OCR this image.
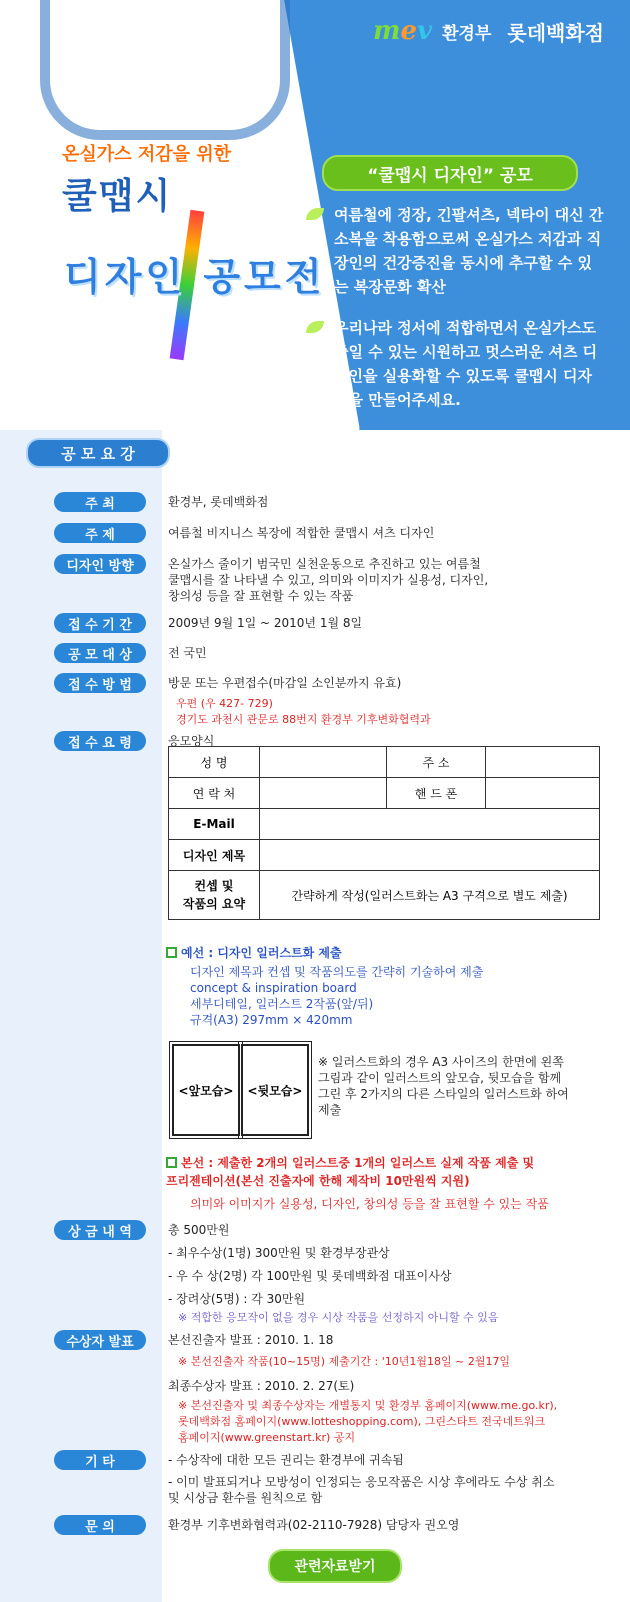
mev 환경부 롯데백화점
온실가스 저감을 위한
쿨맵시
디자인 공모전
“쿨맵시 디자인” 공모

여름철에 정장, 긴팔셔츠, 넥타이 대신 간소복을 착용함으로써 온실가스 저감과 직장인의 건강증진을 동시에 추구할 수 있는 복장문화 확산

우리나라 정서에 적합하면서 온실가스도 줄일 수 있는 시원하고 멋스러운 셔츠 디자인을 실용화할 수 있도록 쿨맵시 디자인을 만들어주세요.

공 모 요 강
주 최	환경부, 롯데백화점
주 제	여름철 비지니스 복장에 적합한 쿨맵시 셔츠 디자인
디자인 방향	온실가스 줄이기 범국민 실천운동으로 추진하고 있는 여름철
쿨맵시를 잘 나타낼 수 있고, 의미와 이미지가 실용성, 디자인,
창의성 등을 잘 표현할 수 있는 작품
접 수 기 간	2009년 9월 1일 ~ 2010년 1월 8일
공 모 대 상	전 국민
접 수 방 법	방문 또는 우편접수(마감일 소인분까지 유효)
우편 (우 427- 729)
경기도 과천시 관문로 88번지 환경부 기후변화협력과
접 수 요 령	응모양식
성 명		주 소	
연 락 처		핸 드 폰	
E-Mail			
디자인 제목			
컨셉 및
작품의 요약	간략하게 작성(일러스트화는 A3 구격으로 별도 제출)		
예선 : 디자인 일러스트화 제출
디자인 제목과 컨셉 및 작품의도를 간략히 기술하여 제출
concept & inspiration board
세부디테일, 일러스트 2작품(앞/뒤)
규격(A3) 297mm × 420mm
<앞모습>	<뒷모습>
※ 일러스트화의 경우 A3 사이즈의 한면에 왼쪽
그림과 같이 일러스트의 앞모습, 뒷모습을 함께
그린 후 2가지의 다른 스타일의 일러스트화 하여
제출
본선 : 제출한 2개의 일러스트중 1개의 일러스트 실제 작품 제출 및
프리젠테이션(본선 진출자에 한해 제작비 10만원씩 지원)
의미와 이미지가 실용성, 디자인, 창의성 등을 잘 표현할 수 있는 작품
상 금 내 역	총 500만원
- 최우수상(1명) 300만원 및 환경부장관상
- 우 수 상(2명) 각 100만원 및 롯데백화점 대표이사상
- 장려상(5명) : 각 30만원
※ 적합한 응모작이 없을 경우 시상 작품을 선정하지 아니할 수 있음
수상자 발표	본선진출자 발표 : 2010. 1. 18
※ 본선진출자 작품(10~15명) 제출기간 : '10년1월18일 ~ 2월17일
최종수상자 발표 : 2010. 2. 27(토)
※ 본선진출자 및 최종수상자는 개별통지 및 환경부 홈페이지(www.me.go.kr),
롯데백화점 홈페이지(www.lotteshopping.com), 그린스타트 전국네트워크
홈페이지(www.greenstart.kr) 공지
기 타	- 수상작에 대한 모든 권리는 환경부에 귀속됨
- 이미 발표되거나 모방성이 인정되는 응모작품은 시상 후에라도 수상 취소
및 시상금 환수를 원칙으로 함
문 의	환경부 기후변화협력과(02-2110-7928) 담당자 권오영
관련자료받기
